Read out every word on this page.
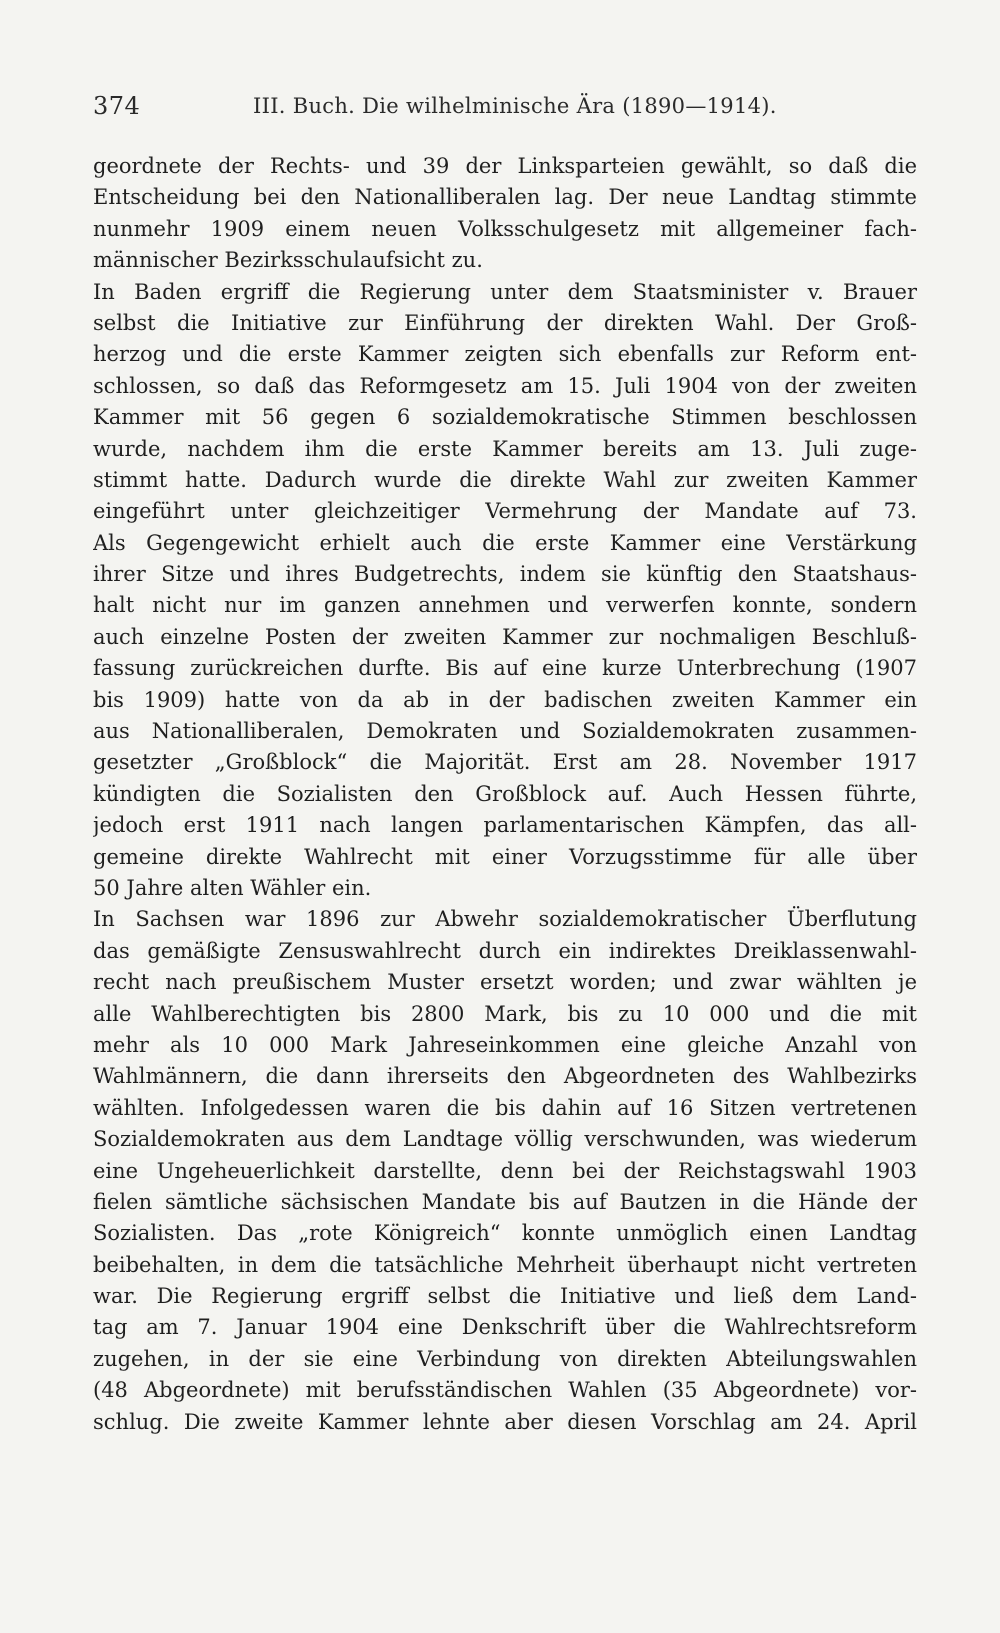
374	III. Buch. Die wilhelminische Ära (1890—1914).
geordnete der Rechts- und 39 der Linksparteien gewählt, so daß die
Entscheidung bei den Nationalliberalen lag. Der neue Landtag stimmte
nunmehr 1909 einem neuen Volksschulgesetz mit allgemeiner fach-
männischer Bezirksschulaufsicht zu.
In Baden ergriff die Regierung unter dem Staatsminister v. Brauer
selbst die Initiative zur Einführung der direkten Wahl. Der Groß-
herzog und die erste Kammer zeigten sich ebenfalls zur Reform ent-
schlossen, so daß das Reformgesetz am 15. Juli 1904 von der zweiten
Kammer mit 56 gegen 6 sozialdemokratische Stimmen beschlossen
wurde, nachdem ihm die erste Kammer bereits am 13. Juli zuge-
stimmt hatte. Dadurch wurde die direkte Wahl zur zweiten Kammer
eingeführt unter gleichzeitiger Vermehrung der Mandate auf 73.
Als Gegengewicht erhielt auch die erste Kammer eine Verstärkung
ihrer Sitze und ihres Budgetrechts, indem sie künftig den Staatshaus-
halt nicht nur im ganzen annehmen und verwerfen konnte, sondern
auch einzelne Posten der zweiten Kammer zur nochmaligen Beschluß-
fassung zurückreichen durfte. Bis auf eine kurze Unterbrechung (1907
bis 1909) hatte von da ab in der badischen zweiten Kammer ein
aus Nationalliberalen, Demokraten und Sozialdemokraten zusammen-
gesetzter „Großblock“ die Majorität. Erst am 28. November 1917
kündigten die Sozialisten den Großblock auf. Auch Hessen führte,
jedoch erst 1911 nach langen parlamentarischen Kämpfen, das all-
gemeine direkte Wahlrecht mit einer Vorzugsstimme für alle über
50 Jahre alten Wähler ein.
In Sachsen war 1896 zur Abwehr sozialdemokratischer Überflutung
das gemäßigte Zensuswahlrecht durch ein indirektes Dreiklassenwahl-
recht nach preußischem Muster ersetzt worden; und zwar wählten je
alle Wahlberechtigten bis 2800 Mark, bis zu 10 000 und die mit
mehr als 10 000 Mark Jahreseinkommen eine gleiche Anzahl von
Wahlmännern, die dann ihrerseits den Abgeordneten des Wahlbezirks
wählten. Infolgedessen waren die bis dahin auf 16 Sitzen vertretenen
Sozialdemokraten aus dem Landtage völlig verschwunden, was wiederum
eine Ungeheuerlichkeit darstellte, denn bei der Reichstagswahl 1903
fielen sämtliche sächsischen Mandate bis auf Bautzen in die Hände der
Sozialisten. Das „rote Königreich“ konnte unmöglich einen Landtag
beibehalten, in dem die tatsächliche Mehrheit überhaupt nicht vertreten
war. Die Regierung ergriff selbst die Initiative und ließ dem Land-
tag am 7. Januar 1904 eine Denkschrift über die Wahlrechtsreform
zugehen, in der sie eine Verbindung von direkten Abteilungswahlen
(48 Abgeordnete) mit berufsständischen Wahlen (35 Abgeordnete) vor-
schlug. Die zweite Kammer lehnte aber diesen Vorschlag am 24. April
